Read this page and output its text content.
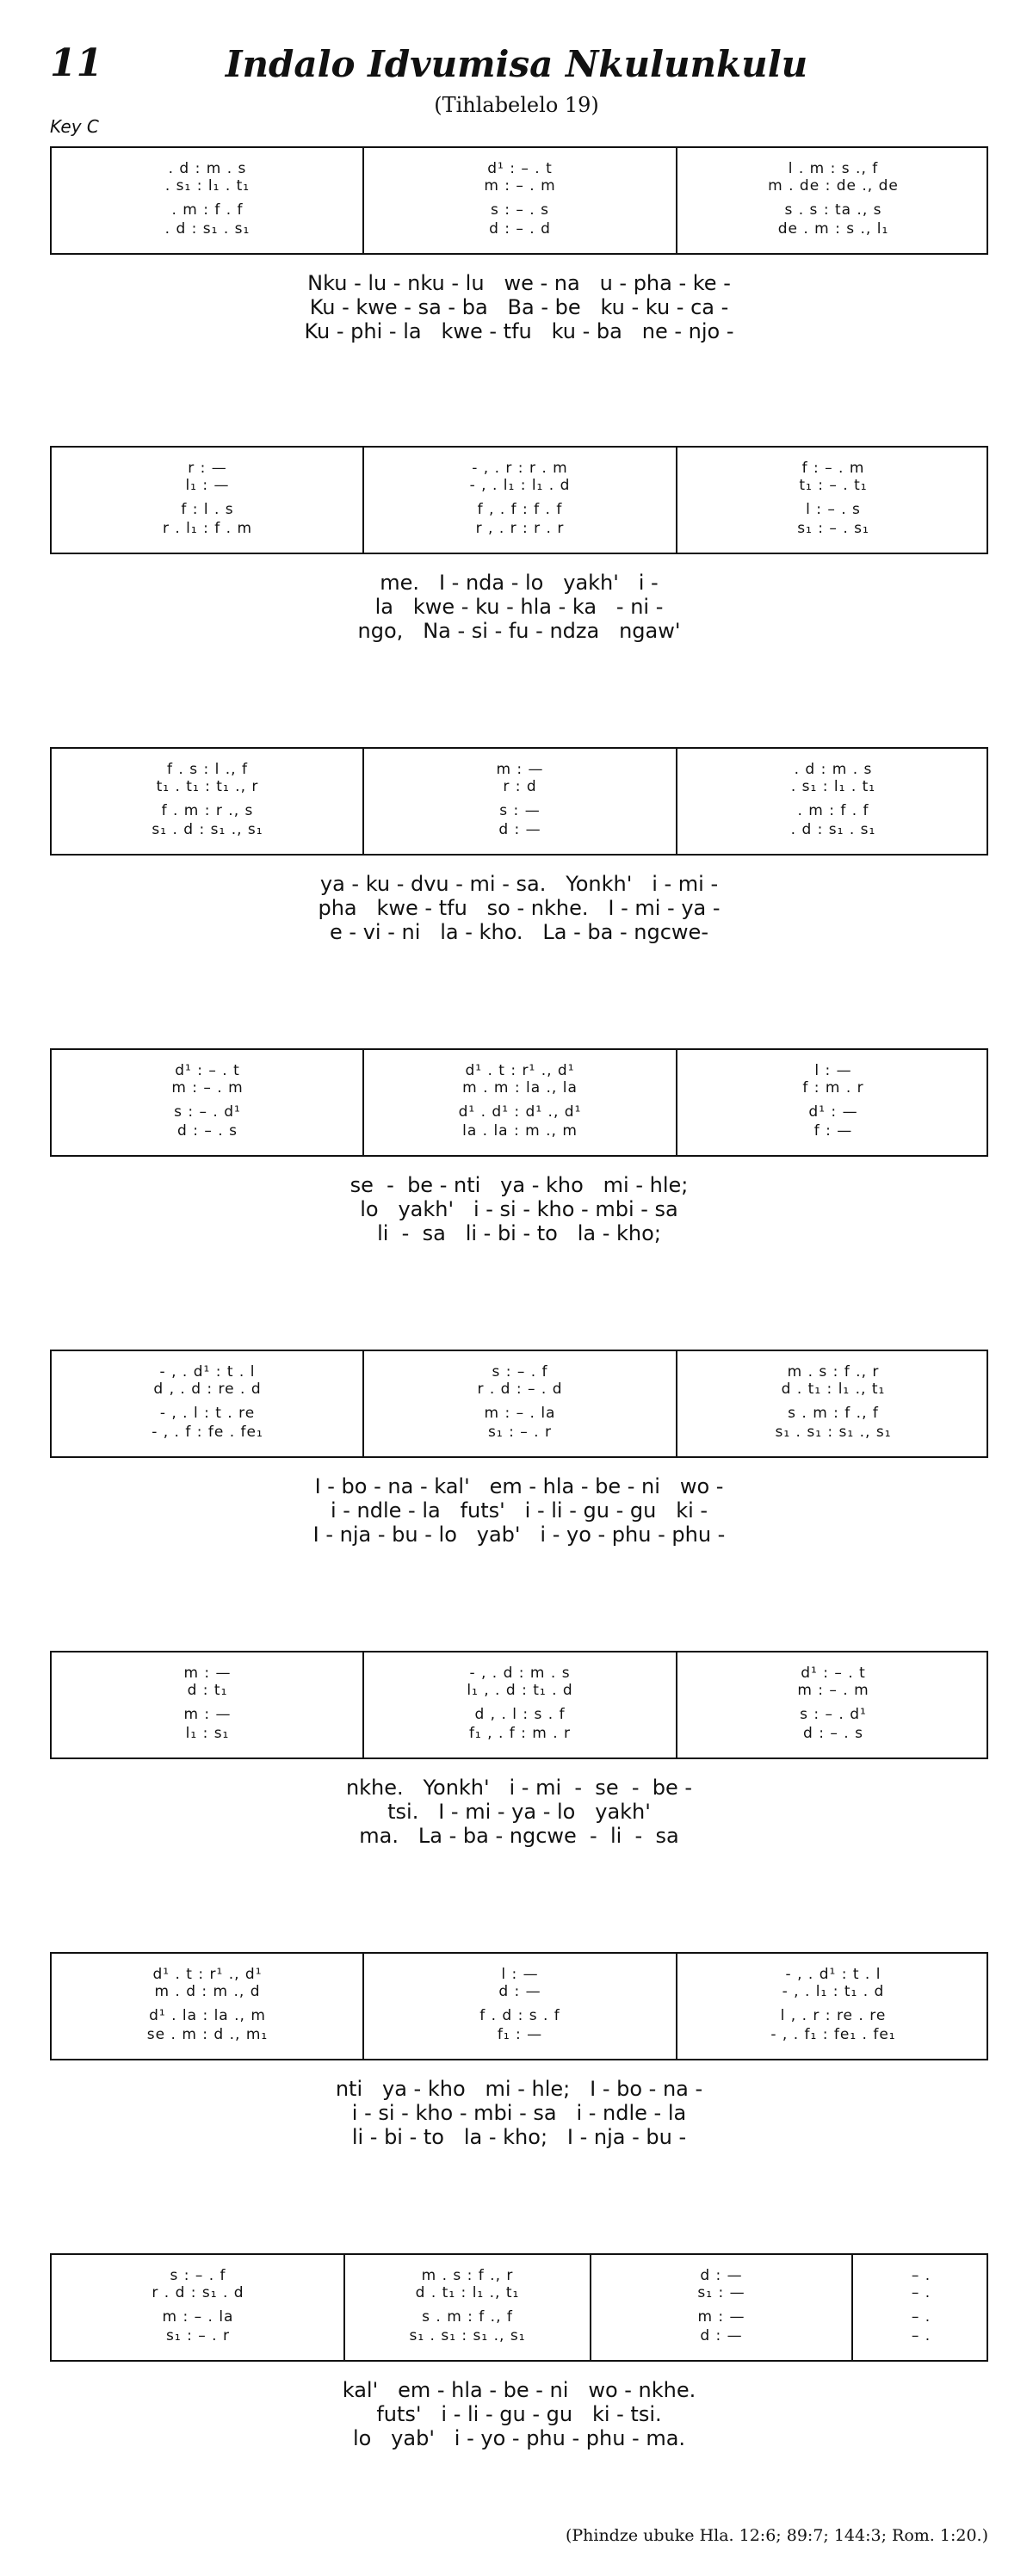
11	Indalo Idvumisa Nkulunkulu
(Tihlabelelo 19)
Key C
. d : m . s
. s₁ : l₁ . t₁
. m : f . f
. d : s₁ . s₁
d¹ : – . t
m : – . m
s : – . s
d : – . d
l . m : s ., f
m . de : de ., de
s . s : ta ., s
de . m : s ., l₁
Nku - lu - nku - lu   we - na   u - pha - ke -
Ku - kwe - sa - ba   Ba - be   ku - ku - ca -
Ku - phi - la   kwe - tfu   ku - ba   ne - njo -
r : —
l₁ : —
f : l . s
r . l₁ : f . m
- , . r : r . m
- , . l₁ : l₁ . d
f , . f : f . f
r , . r : r . r
f : – . m
t₁ : – . t₁
l : – . s
s₁ : – . s₁
me.   I - nda - lo   yakh'   i -
la   kwe - ku - hla - ka   - ni -
ngo,   Na - si - fu - ndza   ngaw'
f . s : l ., f
t₁ . t₁ : t₁ ., r
f . m : r ., s
s₁ . d : s₁ ., s₁
m : —
r : d
s : —
d : —
. d : m . s
. s₁ : l₁ . t₁
. m : f . f
. d : s₁ . s₁
ya - ku - dvu - mi - sa.   Yonkh'   i - mi -
pha   kwe - tfu   so - nkhe.   I - mi - ya -
e - vi - ni   la - kho.   La - ba - ngcwe-
d¹ : – . t
m : – . m
s : – . d¹
d : – . s
d¹ . t : r¹ ., d¹
m . m : la ., la
d¹ . d¹ : d¹ ., d¹
la . la : m ., m
l : —
f : m . r
d¹ : —
f : —
se  -  be - nti   ya - kho   mi - hle;
lo   yakh'   i - si - kho - mbi - sa
li  -  sa   li - bi - to   la - kho;
- , . d¹ : t . l
d , . d : re . d
- , . l : t . re
- , . f : fe . fe₁
s : – . f
r . d : – . d
m : – . la
s₁ : – . r
m . s : f ., r
d . t₁ : l₁ ., t₁
s . m : f ., f
s₁ . s₁ : s₁ ., s₁
I - bo - na - kal'   em - hla - be - ni   wo -
i - ndle - la   futs'   i - li - gu - gu   ki -
I - nja - bu - lo   yab'   i - yo - phu - phu -
m : —
d : t₁
m : —
l₁ : s₁
- , . d : m . s
l₁ , . d : t₁ . d
d , . l : s . f
f₁ , . f : m . r
d¹ : – . t
m : – . m
s : – . d¹
d : – . s
nkhe.   Yonkh'   i - mi  -  se  -  be -
tsi.   I - mi - ya - lo   yakh'
ma.   La - ba - ngcwe  -  li  -  sa
d¹ . t : r¹ ., d¹
m . d : m ., d
d¹ . la : la ., m
se . m : d ., m₁
l : —
d : —
f . d : s . f
f₁ : —
- , . d¹ : t . l
- , . l₁ : t₁ . d
l , . r : re . re
- , . f₁ : fe₁ . fe₁
nti   ya - kho   mi - hle;   I - bo - na -
i - si - kho - mbi - sa   i - ndle - la
li - bi - to   la - kho;   I - nja - bu -
s : – . f
r . d : s₁ . d
m : – . la
s₁ : – . r
m . s : f ., r
d . t₁ : l₁ ., t₁
s . m : f ., f
s₁ . s₁ : s₁ ., s₁
d : —
s₁ : —
m : —
d : —
– .
– .
– .
– .
kal'   em - hla - be - ni   wo - nkhe.
futs'   i - li - gu - gu   ki - tsi.
lo   yab'   i - yo - phu - phu - ma.
(Phindze ubuke Hla. 12:6; 89:7; 144:3; Rom. 1:20.)
